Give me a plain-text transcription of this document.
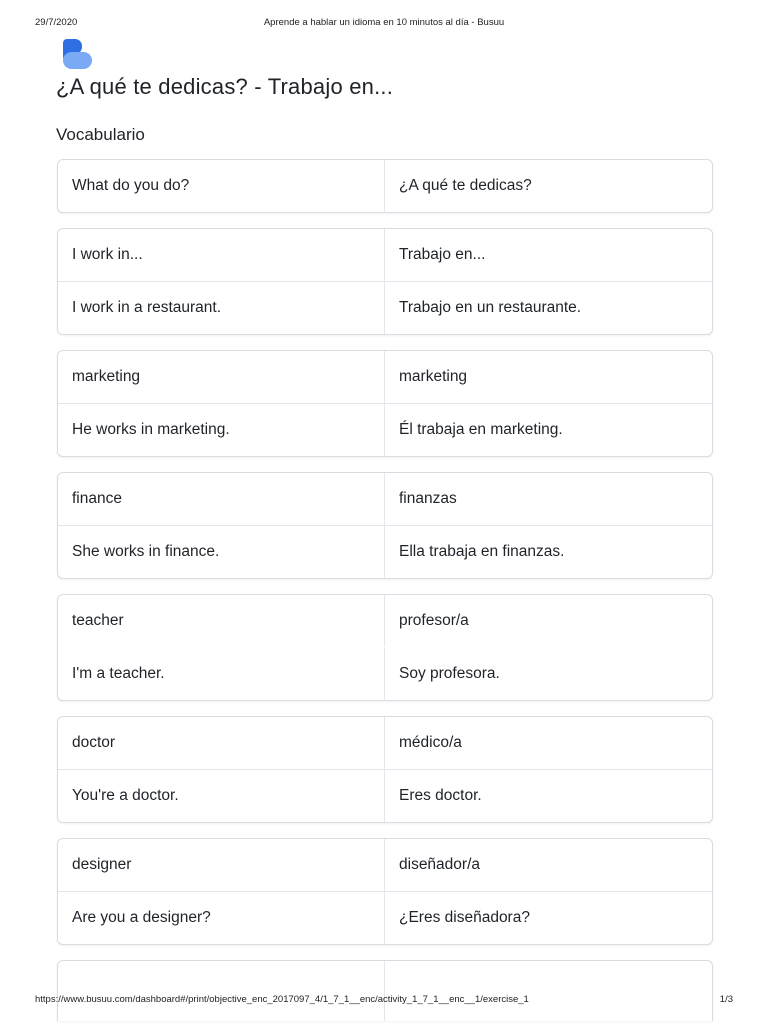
29/7/2020	Aprende a hablar un idioma en 10 minutos al día - Busuu
¿A qué te dedicas? - Trabajo en...
Vocabulario
What do you do?	¿A qué te dedicas?
I work in...	Trabajo en...
I work in a restaurant.	Trabajo en un restaurante.
marketing	marketing
He works in marketing.	Él trabaja en marketing.
finance	finanzas
She works in finance.	Ella trabaja en finanzas.
teacher	profesor/a
I'm a teacher.	Soy profesora.
doctor	médico/a
You're a doctor.	Eres doctor.
designer	diseñador/a
Are you a designer?	¿Eres diseñadora?
https://www.busuu.com/dashboard#/print/objective_enc_2017097_4/1_7_1__enc/activity_1_7_1__enc__1/exercise_1	1/3
